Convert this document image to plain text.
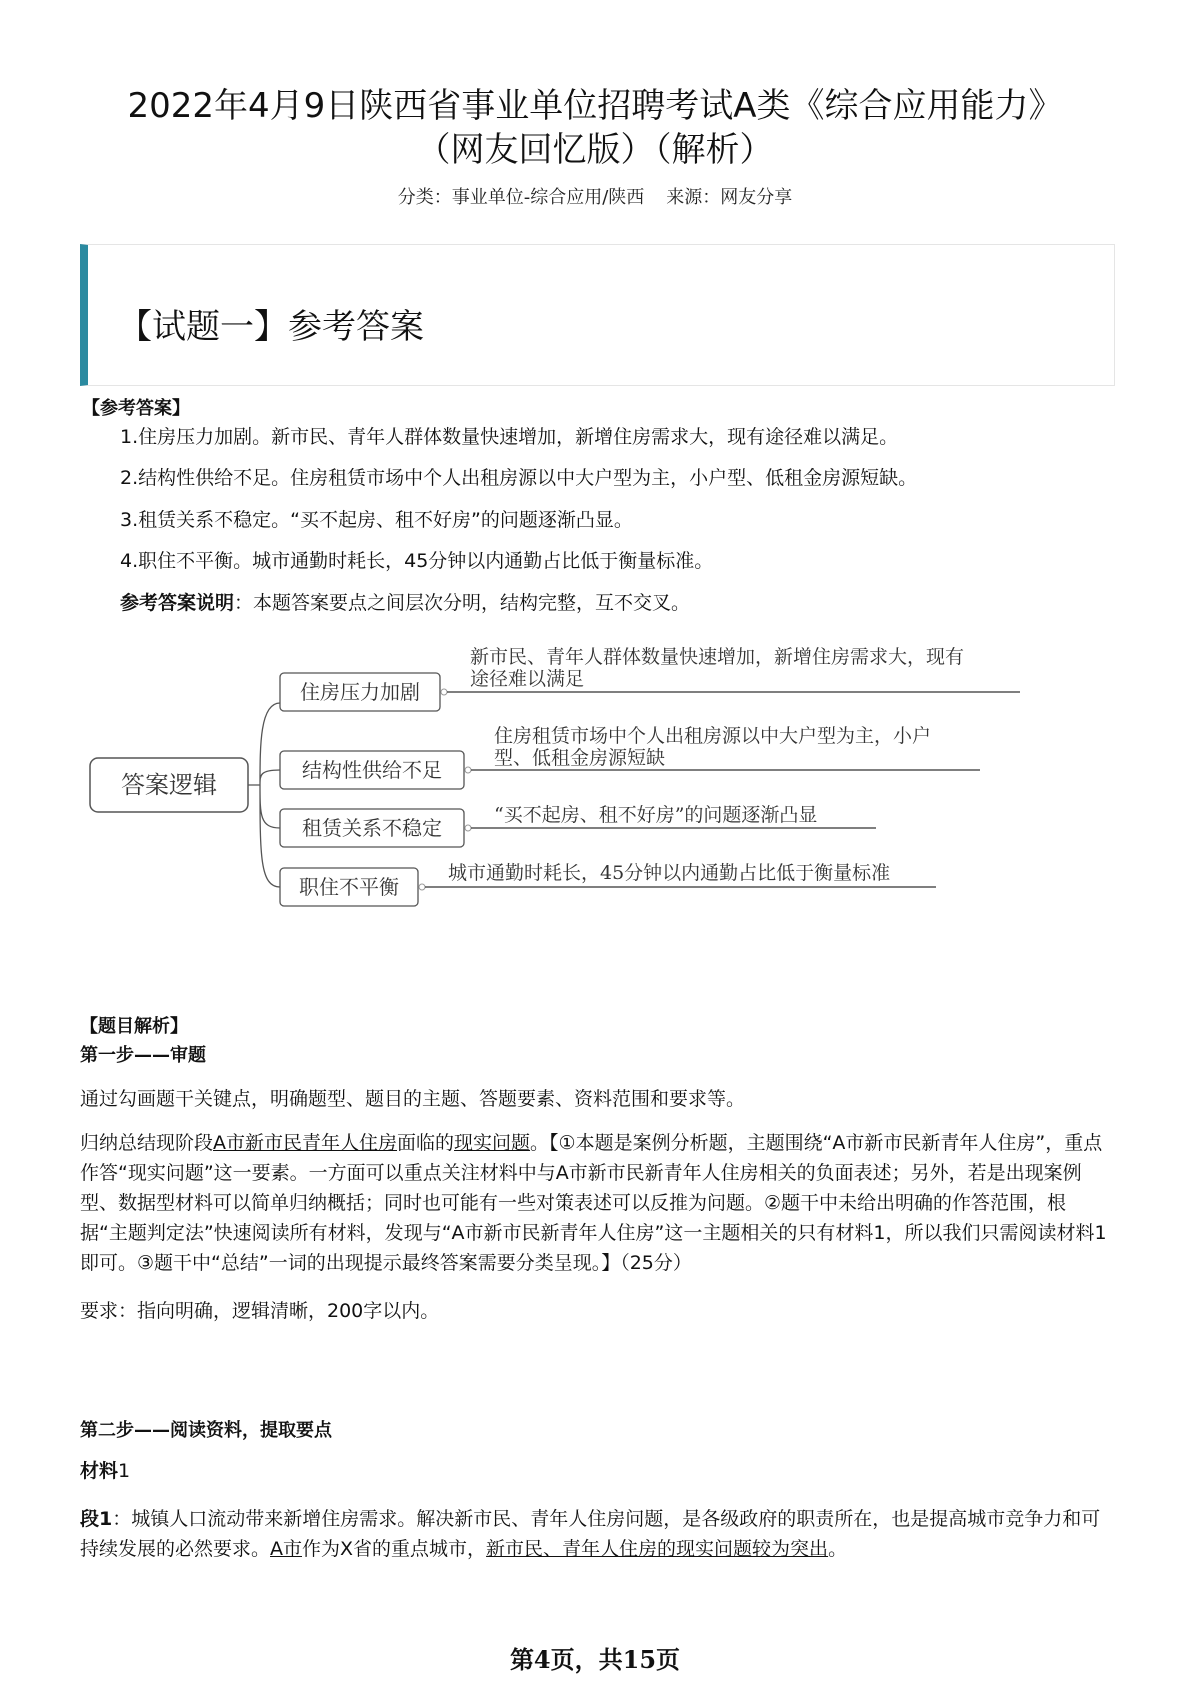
2022年4月9日陕西省事业单位招聘考试A类《综合应用能力》
（网友回忆版）（解析）
分类：事业单位-综合应用/陕西 来源：网友分享
【试题一】参考答案
【参考答案】
1.住房压力加剧。新市民、青年人群体数量快速增加，新增住房需求大，现有途径难以满足。
2.结构性供给不足。住房租赁市场中个人出租房源以中大户型为主，小户型、低租金房源短缺。
3.租赁关系不稳定。“买不起房、租不好房”的问题逐渐凸显。
4.职住不平衡。城市通勤时耗长，45分钟以内通勤占比低于衡量标准。
参考答案说明：本题答案要点之间层次分明，结构完整，互不交叉。
答案逻辑
住房压力加剧
新市民、青年人群体数量快速增加，新增住房需求大，现有
途径难以满足
结构性供给不足
住房租赁市场中个人出租房源以中大户型为主，小户
型、低租金房源短缺
租赁关系不稳定
“买不起房、租不好房”的问题逐渐凸显
职住不平衡
城市通勤时耗长，45分钟以内通勤占比低于衡量标准
【题目解析】
第一步——审题
通过勾画题干关键点，明确题型、题目的主题、答题要素、资料范围和要求等。
归纳总结现阶段A市新市民青年人住房面临的现实问题。【①本题是案例分析题，主题围绕“A市新市民新青年人住房”，重点作答“现实问题”这一要素。一方面可以重点关注材料中与A市新市民新青年人住房相关的负面表述；另外，若是出现案例型、数据型材料可以简单归纳概括；同时也可能有一些对策表述可以反推为问题。②题干中未给出明确的作答范围，根据“主题判定法”快速阅读所有材料，发现与“A市新市民新青年人住房”这一主题相关的只有材料1，所以我们只需阅读材料1即可。③题干中“总结”一词的出现提示最终答案需要分类呈现。】（25分）
要求：指向明确，逻辑清晰，200字以内。
第二步——阅读资料，提取要点
材料1
段1：城镇人口流动带来新增住房需求。解决新市民、青年人住房问题，是各级政府的职责所在，也是提高城市竞争力和可持续发展的必然要求。A市作为X省的重点城市，新市民、青年人住房的现实问题较为突出。
第4页，共15页
